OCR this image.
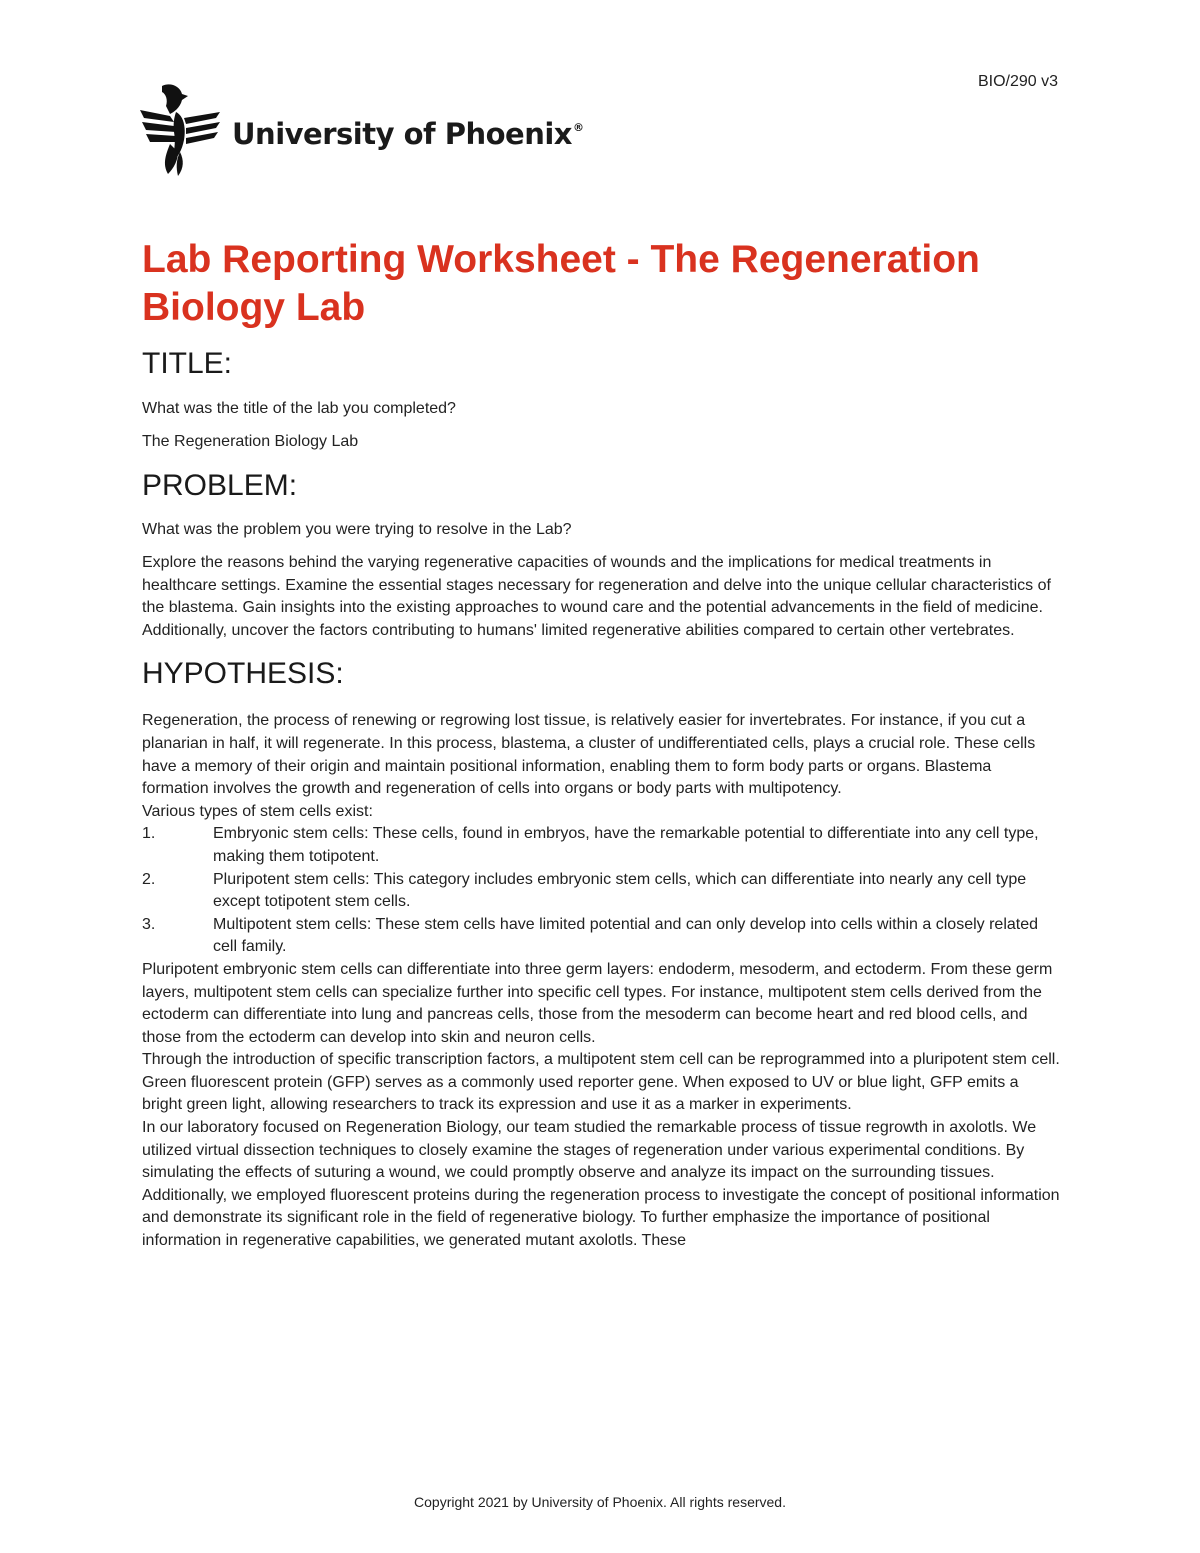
BIO/290 v3
University of Phoenix®
Lab Reporting Worksheet - The Regeneration Biology Lab
TITLE:

What was the title of the lab you completed?

The Regeneration Biology Lab

PROBLEM:

What was the problem you were trying to resolve in the Lab?

Explore the reasons behind the varying regenerative capacities of wounds and the implications for medical treatments in healthcare settings. Examine the essential stages necessary for regeneration and delve into the unique cellular characteristics of the blastema. Gain insights into the existing approaches to wound care and the potential advancements in the field of medicine. Additionally, uncover the factors contributing to humans' limited regenerative abilities compared to certain other vertebrates.

HYPOTHESIS:

Regeneration, the process of renewing or regrowing lost tissue, is relatively easier for invertebrates. For instance, if you cut a planarian in half, it will regenerate. In this process, blastema, a cluster of undifferentiated cells, plays a crucial role. These cells have a memory of their origin and maintain positional information, enabling them to form body parts or organs. Blastema formation involves the growth and regeneration of cells into organs or body parts with multipotency.

Various types of stem cells exist:

1.	Embryonic stem cells: These cells, found in embryos, have the remarkable potential to differentiate into any cell type, making them totipotent.
2.	Pluripotent stem cells: This category includes embryonic stem cells, which can differentiate into nearly any cell type except totipotent stem cells.
3.	Multipotent stem cells: These stem cells have limited potential and can only develop into cells within a closely related cell family.

Pluripotent embryonic stem cells can differentiate into three germ layers: endoderm, mesoderm, and ectoderm. From these germ layers, multipotent stem cells can specialize further into specific cell types. For instance, multipotent stem cells derived from the ectoderm can differentiate into lung and pancreas cells, those from the mesoderm can become heart and red blood cells, and those from the ectoderm can develop into skin and neuron cells.

Through the introduction of specific transcription factors, a multipotent stem cell can be reprogrammed into a pluripotent stem cell.

Green fluorescent protein (GFP) serves as a commonly used reporter gene. When exposed to UV or blue light, GFP emits a bright green light, allowing researchers to track its expression and use it as a marker in experiments.

In our laboratory focused on Regeneration Biology, our team studied the remarkable process of tissue regrowth in axolotls. We utilized virtual dissection techniques to closely examine the stages of regeneration under various experimental conditions. By simulating the effects of suturing a wound, we could promptly observe and analyze its impact on the surrounding tissues. Additionally, we employed fluorescent proteins during the regeneration process to investigate the concept of positional information and demonstrate its significant role in the field of regenerative biology. To further emphasize the importance of positional information in regenerative capabilities, we generated mutant axolotls. These

Copyright 2021 by University of Phoenix. All rights reserved.
